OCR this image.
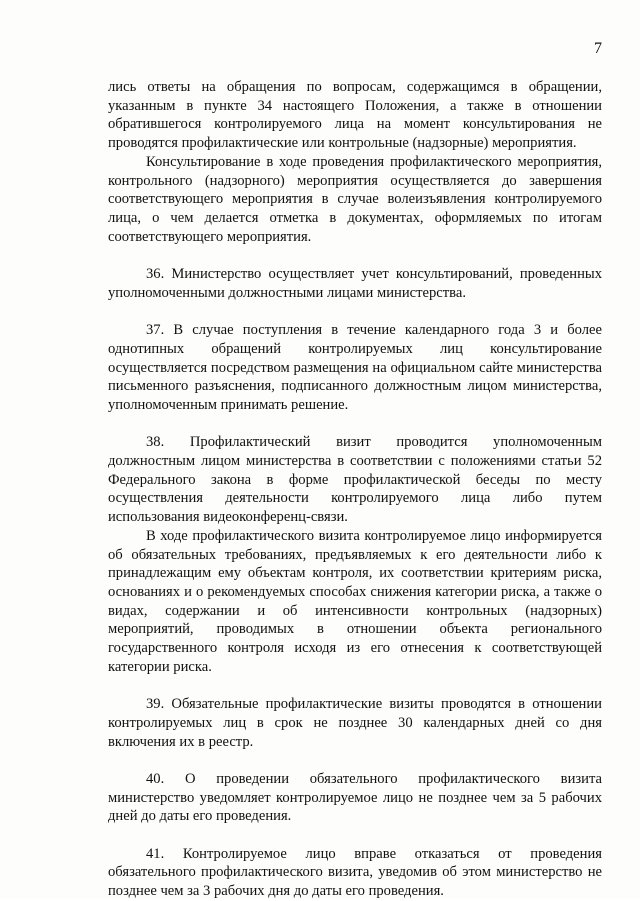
7

лись ответы на обращения по вопросам, содержащимся в обращении, указанным в пункте 34 настоящего Положения, а также в отношении обратившегося контролируемого лица на момент консультирования не проводятся профилактические или контрольные (надзорные) мероприятия.

Консультирование в ходе проведения профилактического мероприятия, контрольного (надзорного) мероприятия осуществляется до завершения соответствующего мероприятия в случае волеизъявления контролируемого лица, о чем делается отметка в документах, оформляемых по итогам соответствующего мероприятия.

36. Министерство осуществляет учет консультирований, проведенных уполномоченными должностными лицами министерства.

37. В случае поступления в течение календарного года 3 и более однотипных обращений контролируемых лиц консультирование осуществляется посредством размещения на официальном сайте министерства письменного разъяснения, подписанного должностным лицом министерства, уполномоченным принимать решение.

38. Профилактический визит проводится уполномоченным должностным лицом министерства в соответствии с положениями статьи 52 Федерального закона в форме профилактической беседы по месту осуществления деятельности контролируемого лица либо путем использования видеоконференц-связи.

В ходе профилактического визита контролируемое лицо информируется об обязательных требованиях, предъявляемых к его деятельности либо к принадлежащим ему объектам контроля, их соответствии критериям риска, основаниях и о рекомендуемых способах снижения категории риска, а также о видах, содержании и об интенсивности контрольных (надзорных) мероприятий, проводимых в отношении объекта регионального государственного контроля исходя из его отнесения к соответствующей категории риска.

39. Обязательные профилактические визиты проводятся в отношении контролируемых лиц в срок не позднее 30 календарных дней со дня включения их в реестр.

40. О проведении обязательного профилактического визита министерство уведомляет контролируемое лицо не позднее чем за 5 рабочих дней до даты его проведения.

41. Контролируемое лицо вправе отказаться от проведения обязательного профилактического визита, уведомив об этом министерство не позднее чем за 3 рабочих дня до даты его проведения.
